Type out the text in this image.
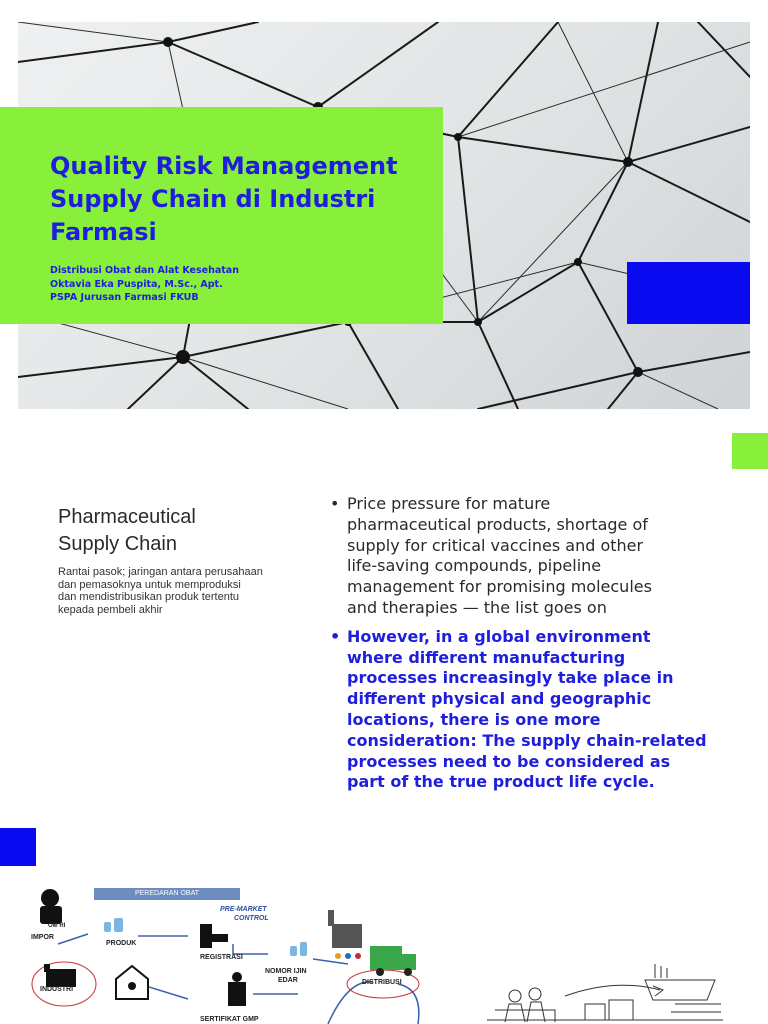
Quality Risk Management
Supply Chain di Industri
Farmasi
Distribusi Obat dan Alat Kesehatan
Oktavia Eka Puspita, M.Sc., Apt.
PSPA Jurusan Farmasi FKUB
Pharmaceutical
Supply Chain
Rantai pasok; jaringan antara perusahaan
dan pemasoknya untuk memproduksi
dan mendistribusikan produk tertentu
kepada pembeli akhir
• Price pressure for mature
pharmaceutical products, shortage of
supply for critical vaccines and other
life-saving compounds, pipeline
management for promising molecules
and therapies — the list goes on
• However, in a global environment
where different manufacturing
processes increasingly take place in
different physical and geographic
locations, there is one more
consideration: The supply chain-related
processes need to be considered as
part of the true product life cycle.
PEREDARAN OBAT
IMPOR
OM RI
PRODUK
PRE-MARKET
CONTROL
REGISTRASI
NOMOR IJIN
EDAR
INDUSTRI
DISTRIBUSI
SERTIFIKAT GMP
